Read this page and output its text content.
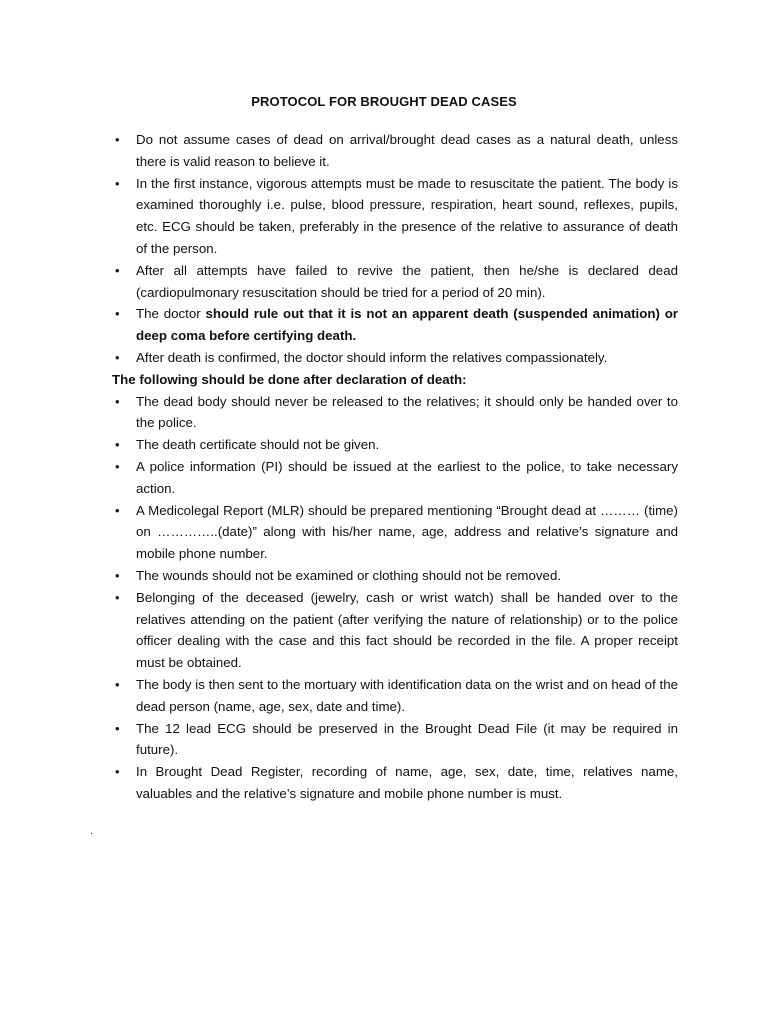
PROTOCOL FOR BROUGHT DEAD CASES
• Do not assume cases of dead on arrival/brought dead cases as a natural death, unless there is valid reason to believe it.
• In the first instance, vigorous attempts must be made to resuscitate the patient. The body is examined thoroughly i.e. pulse, blood pressure, respiration, heart sound, reflexes, pupils, etc. ECG should be taken, preferably in the presence of the relative to assurance of death of the person.
• After all attempts have failed to revive the patient, then he/she is declared dead (cardiopulmonary resuscitation should be tried for a period of 20 min).
• The doctor should rule out that it is not an apparent death (suspended animation) or deep coma before certifying death.
• After death is confirmed, the doctor should inform the relatives compassionately.
The following should be done after declaration of death:
• The dead body should never be released to the relatives; it should only be handed over to the police.
• The death certificate should not be given.
• A police information (PI) should be issued at the earliest to the police, to take necessary action.
• A Medicolegal Report (MLR) should be prepared mentioning “Brought dead at ……… (time) on …………..(date)” along with his/her name, age, address and relative’s signature and mobile phone number.
• The wounds should not be examined or clothing should not be removed.
• Belonging of the deceased (jewelry, cash or wrist watch) shall be handed over to the relatives attending on the patient (after verifying the nature of relationship) or to the police officer dealing with the case and this fact should be recorded in the file. A proper receipt must be obtained.
• The body is then sent to the mortuary with identification data on the wrist and on head of the dead person (name, age, sex, date and time).
• The 12 lead ECG should be preserved in the Brought Dead File (it may be required in future).
• In Brought Dead Register, recording of name, age, sex, date, time, relatives name, valuables and the relative’s signature and mobile phone number is must.
.
